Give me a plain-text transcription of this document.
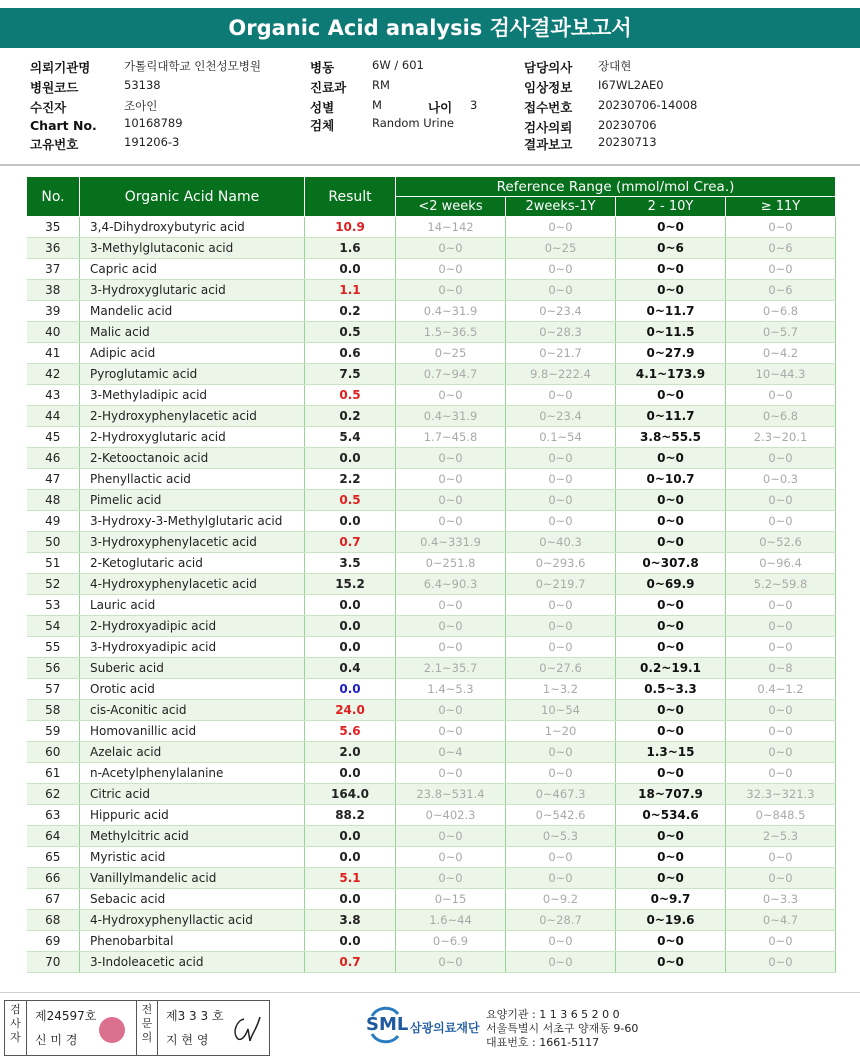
Organic Acid analysis 검사결과보고서
의뢰기관명	가톨릭대학교 인천성모병원
병원코드	53138
수진자	조아인
Chart No. 10168789
고유번호	191206-3
병동	6W / 601
진료과 RM
성별	M	나이 3
검체	Random Urine
담당의사 장대현
임상정보 I67WL2AE0
접수번호 20230706-14008
검사의뢰 20230706
결과보고 20230713
No.	Organic Acid Name	Result	Reference Range (mmol/mol Crea.)			
			<2 weeks	2weeks-1Y	2 - 10Y	≥ 11Y
35	3,4-Dihydroxybutyric acid	10.9	14~142	0~0	0~0	0~0
36	3-Methylglutaconic acid	1.6	0~0	0~25	0~6	0~6
37	Capric acid	0.0	0~0	0~0	0~0	0~0
38	3-Hydroxyglutaric acid	1.1	0~0	0~0	0~0	0~6
39	Mandelic acid	0.2	0.4~31.9	0~23.4	0~11.7	0~6.8
40	Malic acid	0.5	1.5~36.5	0~28.3	0~11.5	0~5.7
41	Adipic acid	0.6	0~25	0~21.7	0~27.9	0~4.2
42	Pyroglutamic acid	7.5	0.7~94.7	9.8~222.4	4.1~173.9	10~44.3
43	3-Methyladipic acid	0.5	0~0	0~0	0~0	0~0
44	2-Hydroxyphenylacetic acid	0.2	0.4~31.9	0~23.4	0~11.7	0~6.8
45	2-Hydroxyglutaric acid	5.4	1.7~45.8	0.1~54	3.8~55.5	2.3~20.1
46	2-Ketooctanoic acid	0.0	0~0	0~0	0~0	0~0
47	Phenyllactic acid	2.2	0~0	0~0	0~10.7	0~0.3
48	Pimelic acid	0.5	0~0	0~0	0~0	0~0
49	3-Hydroxy-3-Methylglutaric acid	0.0	0~0	0~0	0~0	0~0
50	3-Hydroxyphenylacetic acid	0.7	0.4~331.9	0~40.3	0~0	0~52.6
51	2-Ketoglutaric acid	3.5	0~251.8	0~293.6	0~307.8	0~96.4
52	4-Hydroxyphenylacetic acid	15.2	6.4~90.3	0~219.7	0~69.9	5.2~59.8
53	Lauric acid	0.0	0~0	0~0	0~0	0~0
54	2-Hydroxyadipic acid	0.0	0~0	0~0	0~0	0~0
55	3-Hydroxyadipic acid	0.0	0~0	0~0	0~0	0~0
56	Suberic acid	0.4	2.1~35.7	0~27.6	0.2~19.1	0~8
57	Orotic acid	0.0	1.4~5.3	1~3.2	0.5~3.3	0.4~1.2
58	cis-Aconitic acid	24.0	0~0	10~54	0~0	0~0
59	Homovanillic acid	5.6	0~0	1~20	0~0	0~0
60	Azelaic acid	2.0	0~4	0~0	1.3~15	0~0
61	n-Acetylphenylalanine	0.0	0~0	0~0	0~0	0~0
62	Citric acid	164.0	23.8~531.4	0~467.3	18~707.9	32.3~321.3
63	Hippuric acid	88.2	0~402.3	0~542.6	0~534.6	0~848.5
64	Methylcitric acid	0.0	0~0	0~5.3	0~0	2~5.3
65	Myristic acid	0.0	0~0	0~0	0~0	0~0
66	Vanillylmandelic acid	5.1	0~0	0~0	0~0	0~0
67	Sebacic acid	0.0	0~15	0~9.2	0~9.7	0~3.3
68	4-Hydroxyphenyllactic acid	3.8	1.6~44	0~28.7	0~19.6	0~4.7
69	Phenobarbital	0.0	0~6.9	0~0	0~0	0~0
70	3-Indoleacetic acid	0.7	0~0	0~0	0~0	0~0
검사자
제24597호
신 미 경
전문의
제3 3 3 호
지 현 영
SML 삼광의료재단
요양기관 : 1 1 3 6 5 2 0 0
서울특별시 서초구 양재동 9-60
대표번호 : 1661-5117
